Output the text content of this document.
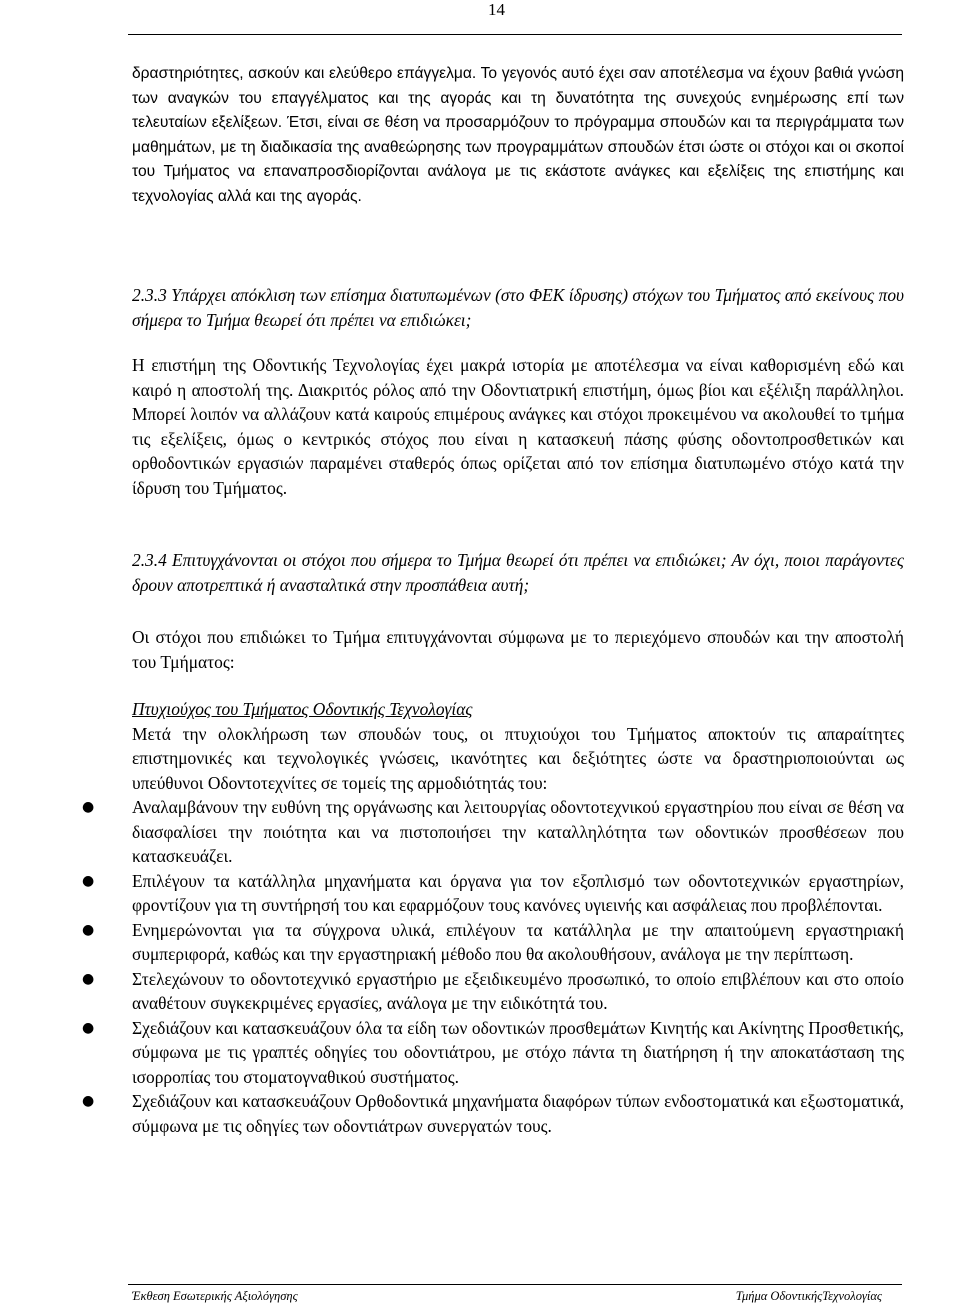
14

δραστηριότητες, ασκούν και ελεύθερο επάγγελμα. Το γεγονός αυτό έχει σαν αποτέλεσμα να έχουν βαθιά γνώση των αναγκών του επαγγέλματος και της αγοράς και τη δυνατότητα της συνεχούς ενημέρωσης επί των τελευταίων εξελίξεων. Έτσι, είναι σε θέση να προσαρμόζουν το πρόγραμμα σπουδών και τα περιγράμματα των μαθημάτων, με τη διαδικασία της αναθεώρησης των προγραμμάτων σπουδών έτσι ώστε οι στόχοι και οι σκοποί του Τμήματος να επαναπροσδιορίζονται ανάλογα με τις εκάστοτε ανάγκες και εξελίξεις της επιστήμης και τεχνολογίας αλλά και της αγοράς.

2.3.3 Υπάρχει απόκλιση των επίσημα διατυπωμένων (στο ΦΕΚ ίδρυσης) στόχων του Τμήματος από εκείνους που σήμερα το Τμήμα θεωρεί ότι πρέπει να επιδιώκει;

Η επιστήμη της Οδοντικής Τεχνολογίας έχει μακρά ιστορία με αποτέλεσμα να είναι καθορισμένη εδώ και καιρό η αποστολή της. Διακριτός ρόλος από την Οδοντιατρική επιστήμη, όμως βίοι και εξέλιξη παράλληλοι. Μπορεί λοιπόν να αλλάζουν κατά καιρούς επιμέρους ανάγκες και στόχοι προκειμένου να ακολουθεί το τμήμα τις εξελίξεις, όμως ο κεντρικός στόχος που είναι η κατασκευή πάσης φύσης οδοντοπροσθετικών και ορθοδοντικών εργασιών παραμένει σταθερός όπως ορίζεται από τον επίσημα διατυπωμένο στόχο κατά την ίδρυση του Τμήματος.

2.3.4 Επιτυγχάνονται οι στόχοι που σήμερα το Τμήμα θεωρεί ότι πρέπει να επιδιώκει; Αν όχι, ποιοι παράγοντες δρουν αποτρεπτικά ή ανασταλτικά στην προσπάθεια αυτή;

Οι στόχοι που επιδιώκει το Τμήμα επιτυγχάνονται σύμφωνα με το περιεχόμενο σπουδών και την αποστολή του Τμήματος:

Πτυχιούχος του Τμήματος Οδοντικής Τεχνολογίας

Μετά την ολοκλήρωση των σπουδών τους, οι πτυχιούχοι του Τμήματος αποκτούν τις απαραίτητες επιστημονικές και τεχνολογικές γνώσεις, ικανότητες και δεξιότητες ώστε να δραστηριοποιούνται ως υπεύθυνοι Οδοντοτεχνίτες σε τομείς της αρμοδιότητάς του:

● Αναλαμβάνουν την ευθύνη της οργάνωσης και λειτουργίας οδοντοτεχνικού εργαστηρίου που είναι σε θέση να διασφαλίσει την ποιότητα και να πιστοποιήσει την καταλληλότητα των οδοντικών προσθέσεων που κατασκευάζει.
● Επιλέγουν τα κατάλληλα μηχανήματα και όργανα για τον εξοπλισμό των οδοντοτεχνικών εργαστηρίων, φροντίζουν για τη συντήρησή του και εφαρμόζουν τους κανόνες υγιεινής και ασφάλειας που προβλέπονται.
● Ενημερώνονται για τα σύγχρονα υλικά, επιλέγουν τα κατάλληλα με την απαιτούμενη εργαστηριακή συμπεριφορά, καθώς και την εργαστηριακή μέθοδο που θα ακολουθήσουν, ανάλογα με την περίπτωση.
● Στελεχώνουν το οδοντοτεχνικό εργαστήριο με εξειδικευμένο προσωπικό, το οποίο επιβλέπουν και στο οποίο αναθέτουν συγκεκριμένες εργασίες, ανάλογα με την ειδικότητά του.
● Σχεδιάζουν και κατασκευάζουν όλα τα είδη των οδοντικών προσθεμάτων Κινητής και Ακίνητης Προσθετικής, σύμφωνα με τις γραπτές οδηγίες του οδοντιάτρου, με στόχο πάντα τη διατήρηση ή την αποκατάσταση της ισορροπίας του στοματογναθικού συστήματος.
● Σχεδιάζουν και κατασκευάζουν Ορθοδοντικά μηχανήματα διαφόρων τύπων ενδοστοματικά και εξωστοματικά, σύμφωνα με τις οδηγίες των οδοντιάτρων συνεργατών τους.
Έκθεση Εσωτερικής Αξιολόγησης	Τμήμα ΟδοντικήςΤεχνολογίας
